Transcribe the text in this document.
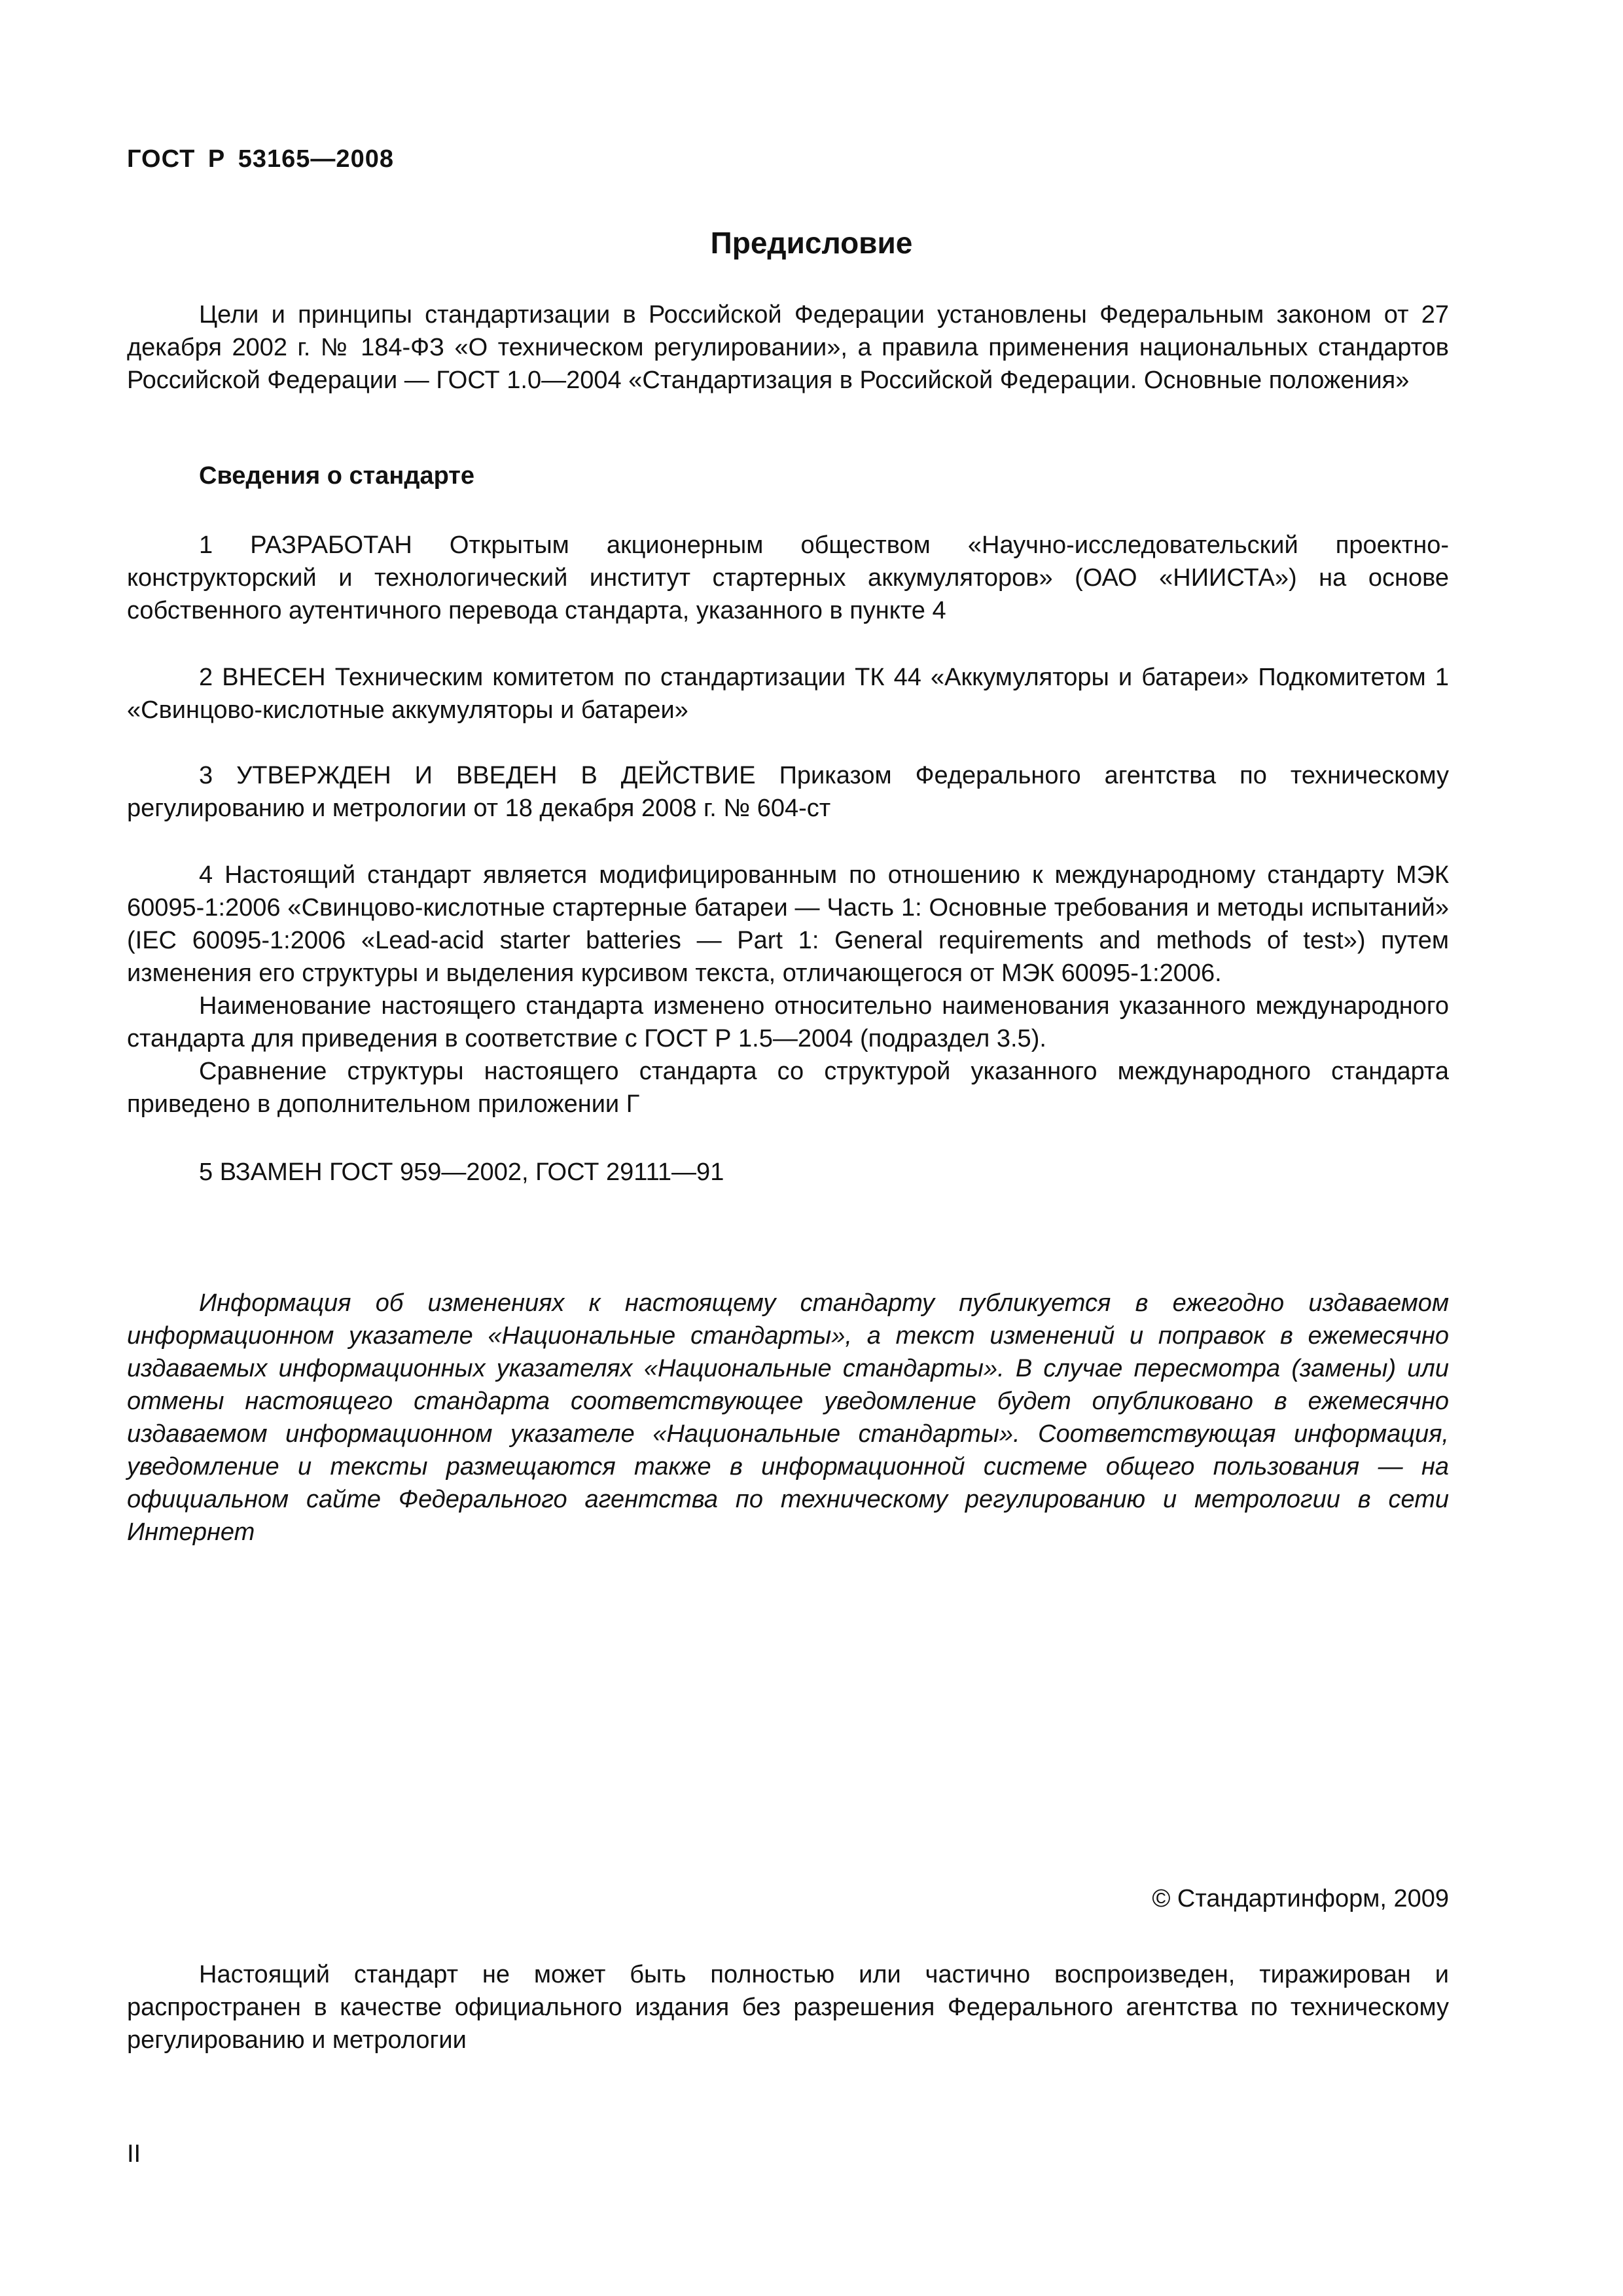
ГОСТ Р 53165—2008
Предисловие

Цели и принципы стандартизации в Российской Федерации установлены Федеральным законом от 27 декабря 2002 г. № 184-ФЗ «О техническом регулировании», а правила применения национальных стандартов Российской Федерации — ГОСТ 1.0—2004 «Стандартизация в Российской Федерации. Основные положения»

Сведения о стандарте

1 РАЗРАБОТАН Открытым акционерным обществом «Научно-исследовательский проектно-конструкторский и технологический институт стартерных аккумуляторов» (ОАО «НИИСТА») на основе собственного аутентичного перевода стандарта, указанного в пункте 4

2 ВНЕСЕН Техническим комитетом по стандартизации ТК 44 «Аккумуляторы и батареи» Подкомитетом 1 «Свинцово-кислотные аккумуляторы и батареи»

3 УТВЕРЖДЕН И ВВЕДЕН В ДЕЙСТВИЕ Приказом Федерального агентства по техническому регулированию и метрологии от 18 декабря 2008 г. № 604-ст

4 Настоящий стандарт является модифицированным по отношению к международному стандарту МЭК 60095-1:2006 «Свинцово-кислотные стартерные батареи — Часть 1: Основные требования и методы испытаний» (IEC 60095-1:2006 «Lead-acid starter batteries — Part 1: General requirements and methods of test») путем изменения его структуры и выделения курсивом текста, отличающегося от МЭК 60095-1:2006.

Наименование настоящего стандарта изменено относительно наименования указанного международного стандарта для приведения в соответствие с ГОСТ Р 1.5—2004 (подраздел 3.5).

Сравнение структуры настоящего стандарта со структурой указанного международного стандарта приведено в дополнительном приложении Г

5 ВЗАМЕН ГОСТ 959—2002, ГОСТ 29111—91

Информация об изменениях к настоящему стандарту публикуется в ежегодно издаваемом информационном указателе «Национальные стандарты», а текст изменений и поправок в ежемесячно издаваемых информационных указателях «Национальные стандарты». В случае пересмотра (замены) или отмены настоящего стандарта соответствующее уведомление будет опубликовано в ежемесячно издаваемом информационном указателе «Национальные стандарты». Соответствующая информация, уведомление и тексты размещаются также в информационной системе общего пользования — на официальном сайте Федерального агентства по техническому регулированию и метрологии в сети Интернет

© Стандартинформ, 2009

Настоящий стандарт не может быть полностью или частично воспроизведен, тиражирован и распространен в качестве официального издания без разрешения Федерального агентства по техническому регулированию и метрологии

II
